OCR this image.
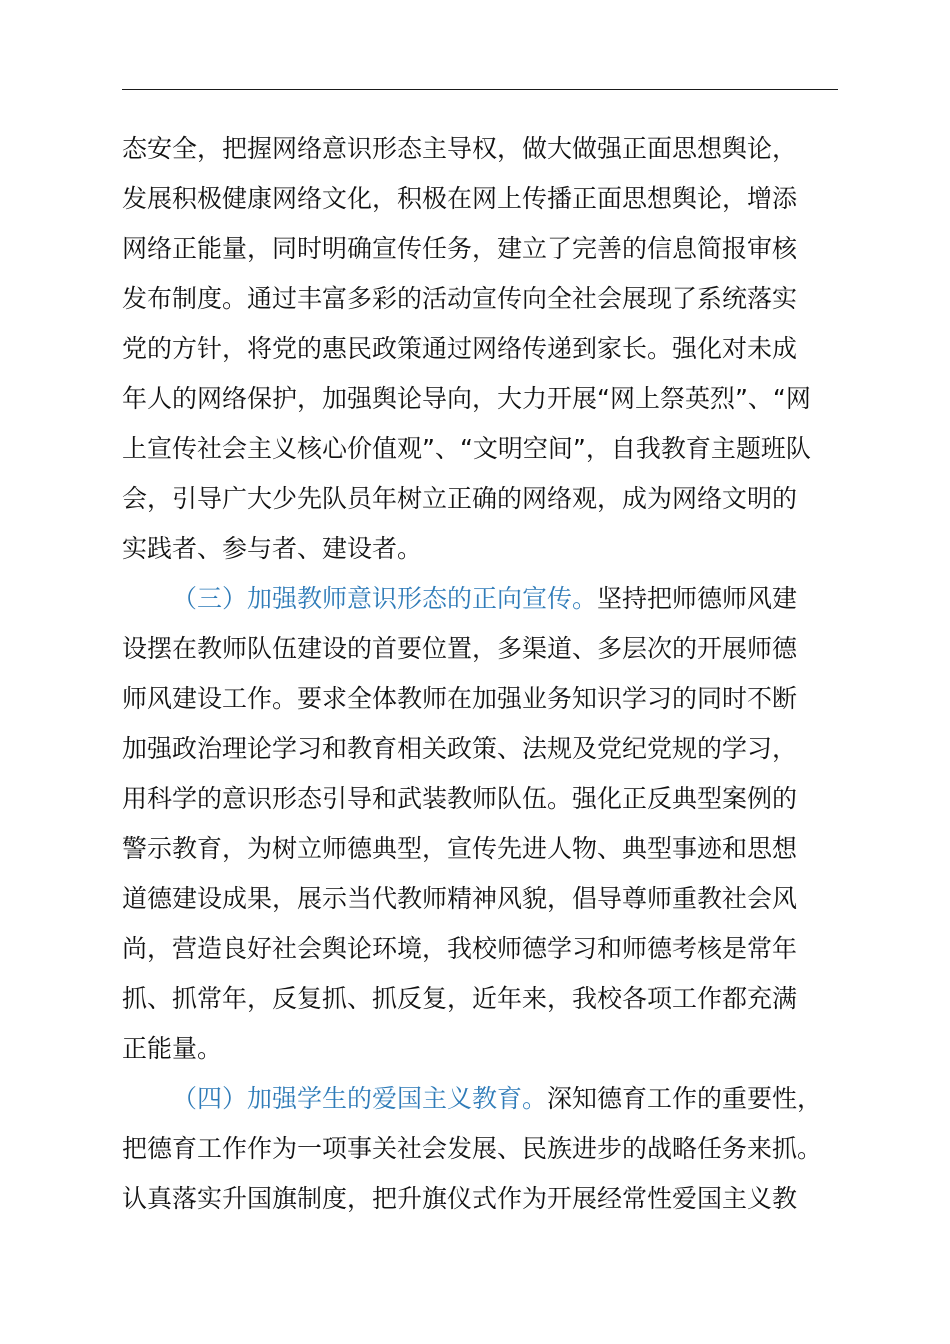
态安全，把握网络意识形态主导权，做大做强正面思想舆论，
发展积极健康网络文化，积极在网上传播正面思想舆论，增添
网络正能量，同时明确宣传任务，建立了完善的信息简报审核
发布制度。通过丰富多彩的活动宣传向全社会展现了系统落实
党的方针，将党的惠民政策通过网络传递到家长。强化对未成
年人的网络保护，加强舆论导向，大力开展“网上祭英烈”、“网
上宣传社会主义核心价值观”、“文明空间”，自我教育主题班队
会，引导广大少先队员年树立正确的网络观，成为网络文明的
实践者、参与者、建设者。
（三）加强教师意识形态的正向宣传。坚持把师德师风建
设摆在教师队伍建设的首要位置，多渠道、多层次的开展师德
师风建设工作。要求全体教师在加强业务知识学习的同时不断
加强政治理论学习和教育相关政策、法规及党纪党规的学习，
用科学的意识形态引导和武装教师队伍。强化正反典型案例的
警示教育，为树立师德典型，宣传先进人物、典型事迹和思想
道德建设成果，展示当代教师精神风貌，倡导尊师重教社会风
尚，营造良好社会舆论环境，我校师德学习和师德考核是常年
抓、抓常年，反复抓、抓反复，近年来，我校各项工作都充满
正能量。
（四）加强学生的爱国主义教育。深知德育工作的重要性，
把德育工作作为一项事关社会发展、民族进步的战略任务来抓。
认真落实升国旗制度，把升旗仪式作为开展经常性爱国主义教
